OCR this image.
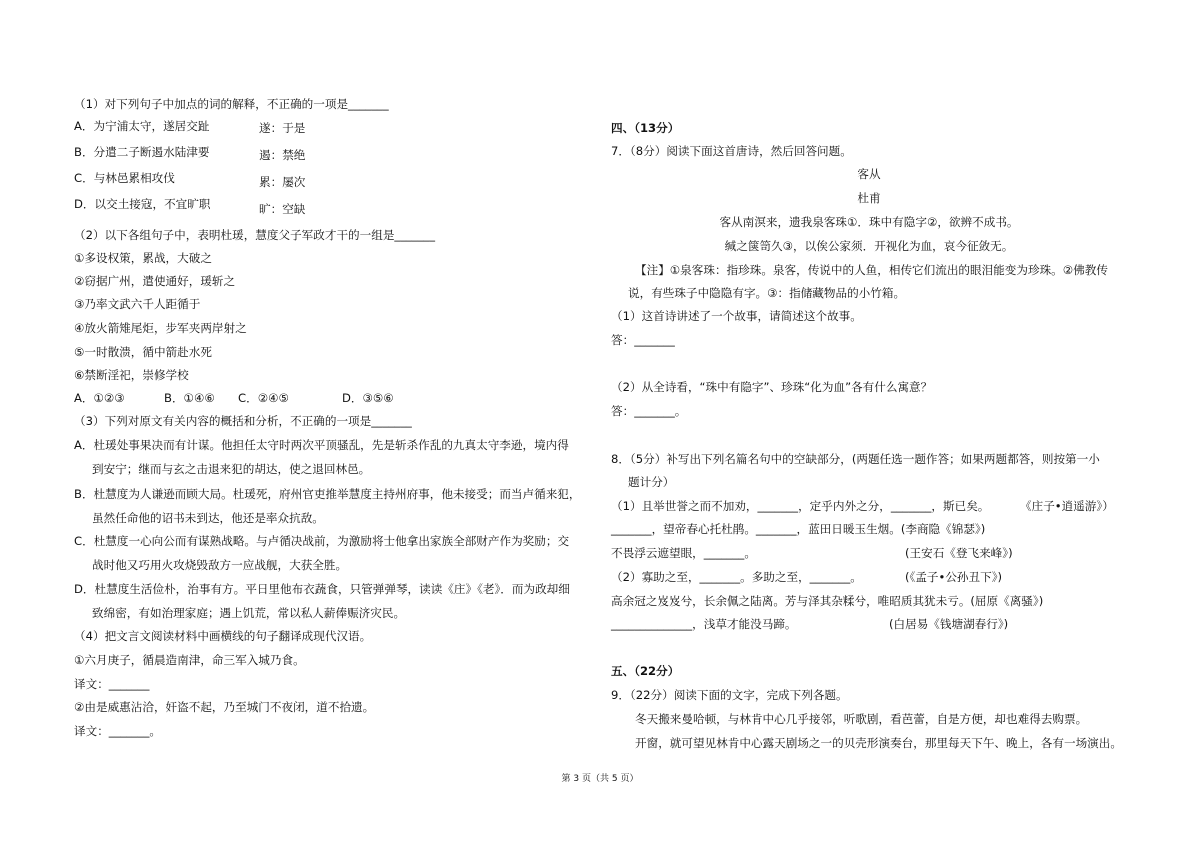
（1）对下列句子中加点的词的解释，不正确的一项是_______
A．为宁浦太守，遂居交趾	遂：于是
B．分遣二子断遏水陆津要	遏：禁绝
C．与林邑累相攻伐	累：屡次
D．以交土接寇，不宜旷职	旷：空缺
（2）以下各组句子中，表明杜瑗，慧度父子军政才干的一组是_______
①多设权策，累战，大破之
②窃据广州，遣使通好，瑗斩之
③乃率文武六千人距循于
④放火箭雉尾炬，步军夹两岸射之
⑤一时散溃，循中箭赴水死
⑥禁断淫祀，崇修学校
A．①②③	B．①④⑥ C．②④⑤	D．③⑤⑥
（3）下列对原文有关内容的概括和分析，不正确的一项是_______
A．杜瑗处事果决而有计谋。他担任太守时两次平顶骚乱，先是斩杀作乱的九真太守李逊，境内得
到安宁；继而与玄之击退来犯的胡达，使之退回林邑。
B．杜慧度为人谦逊而顾大局。杜瑗死，府州官吏推举慧度主持州府事，他未接受；而当卢循来犯，
虽然任命他的诏书未到达，他还是率众抗敌。
C．杜慧度一心向公而有谋熟战略。与卢循决战前，为激励将士他拿出家族全部财产作为奖励；交
战时他又巧用火攻烧毁敌方一应战舰，大获全胜。
D．杜慧度生活俭朴，治事有方。平日里他布衣蔬食，只管弹弹琴，读读《庄》《老》．而为政却细
致绵密，有如治理家庭；遇上饥荒，常以私人薪俸赈济灾民。
（4）把文言文阅读材料中画横线的句子翻译成现代汉语。
①六月庚子，循晨造南津，命三军入城乃食。
译文：_______
②由是威惠沾洽，奸盗不起，乃至城门不夜闭，道不拾遗。
译文：_______。
四、（13分）
7．（8分）阅读下面这首唐诗，然后回答问题。
客从
杜甫
客从南溟来，遗我泉客珠①．珠中有隐字②，欲辨不成书。
缄之箧笥久③，以俟公家须．开视化为血，哀今征敛无。
【注】①泉客珠：指珍珠。泉客，传说中的人鱼，相传它们流出的眼泪能变为珍珠。②佛教传
说，有些珠子中隐隐有字。③：指储藏物品的小竹箱。
（1）这首诗讲述了一个故事，请简述这个故事。
答：_______
（2）从全诗看，“珠中有隐字”、珍珠“化为血”各有什么寓意？
答：_______。
8．（5分）补写出下列名篇名句中的空缺部分，(两题任选一题作答；如果两题都答，则按第一小
题计分）
（1）且举世誉之而不加劝，_______，定乎内外之分，_______，斯已矣。	《庄子•逍遥游》）
_______，望帝春心托杜鹃。_______，蓝田日暖玉生烟。(李商隐《锦瑟》)
不畏浮云遮望眼，_______。	(王安石《登飞来峰》)
（2）寡助之至，_______。多助之至，_______。	(《孟子•公孙丑下》)
高余冠之岌岌兮，长余佩之陆离。芳与泽其杂糅兮，唯昭质其犹未亏。(屈原《离骚》)
______________，浅草才能没马蹄。	(白居易《钱塘湖春行》)
五、（22分）
9．（22分）阅读下面的文字，完成下列各题。
冬天搬来曼哈顿，与林肯中心几乎接邻，听歌剧，看芭蕾，自是方便，却也难得去购票。
开窗，就可望见林肯中心露天剧场之一的贝壳形演奏台，那里每天下午、晚上，各有一场演出。
第 3 页（共 5 页）
